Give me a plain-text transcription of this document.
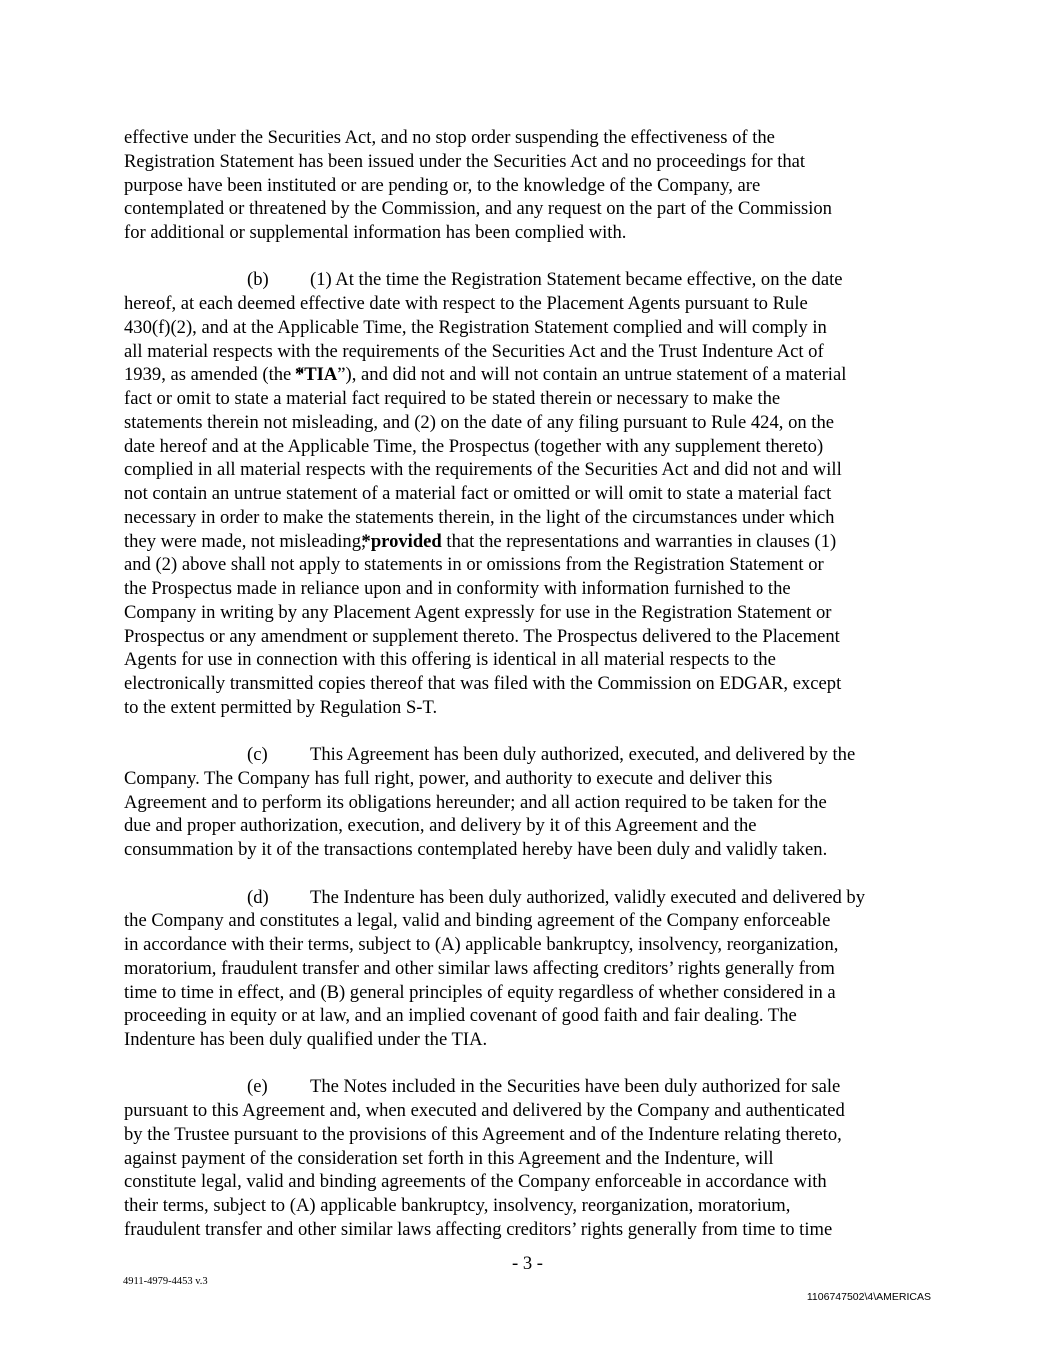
effective under the Securities Act, and no stop order suspending the effectiveness of the
Registration Statement has been issued under the Securities Act and no proceedings for that
purpose have been instituted or are pending or, to the knowledge of the Company, are
contemplated or threatened by the Commission, and any request on the part of the Commission
for additional or supplemental information has been complied with.
(b) (1) At the time the Registration Statement became effective, on the date
hereof, at each deemed effective date with respect to the Placement Agents pursuant to Rule
430(f)(2), and at the Applicable Time, the Registration Statement complied and will comply in
all material respects with the requirements of the Securities Act and the Trust Indenture Act of
1939, as amended (the “*TIA”), and did not and will not contain an untrue statement of a material
fact or omit to state a material fact required to be stated therein or necessary to make the
statements therein not misleading, and (2) on the date of any filing pursuant to Rule 424, on the
date hereof and at the Applicable Time, the Prospectus (together with any supplement thereto)
complied in all material respects with the requirements of the Securities Act and did not and will
not contain an untrue statement of a material fact or omitted or will omit to state a material fact
necessary in order to make the statements therein, in the light of the circumstances under which
they were made, not misleading; *provided that the representations and warranties in clauses (1)
and (2) above shall not apply to statements in or omissions from the Registration Statement or
the Prospectus made in reliance upon and in conformity with information furnished to the
Company in writing by any Placement Agent expressly for use in the Registration Statement or
Prospectus or any amendment or supplement thereto. The Prospectus delivered to the Placement
Agents for use in connection with this offering is identical in all material respects to the
electronically transmitted copies thereof that was filed with the Commission on EDGAR, except
to the extent permitted by Regulation S-T.
(c) This Agreement has been duly authorized, executed, and delivered by the
Company. The Company has full right, power, and authority to execute and deliver this
Agreement and to perform its obligations hereunder; and all action required to be taken for the
due and proper authorization, execution, and delivery by it of this Agreement and the
consummation by it of the transactions contemplated hereby have been duly and validly taken.
(d) The Indenture has been duly authorized, validly executed and delivered by
the Company and constitutes a legal, valid and binding agreement of the Company enforceable
in accordance with their terms, subject to (A) applicable bankruptcy, insolvency, reorganization,
moratorium, fraudulent transfer and other similar laws affecting creditors’ rights generally from
time to time in effect, and (B) general principles of equity regardless of whether considered in a
proceeding in equity or at law, and an implied covenant of good faith and fair dealing. The
Indenture has been duly qualified under the TIA.
(e) The Notes included in the Securities have been duly authorized for sale
pursuant to this Agreement and, when executed and delivered by the Company and authenticated
by the Trustee pursuant to the provisions of this Agreement and of the Indenture relating thereto,
against payment of the consideration set forth in this Agreement and the Indenture, will
constitute legal, valid and binding agreements of the Company enforceable in accordance with
their terms, subject to (A) applicable bankruptcy, insolvency, reorganization, moratorium,
fraudulent transfer and other similar laws affecting creditors’ rights generally from time to time
- 3 -
4911-4979-4453 v.3
1106747502\4\AMERICAS
